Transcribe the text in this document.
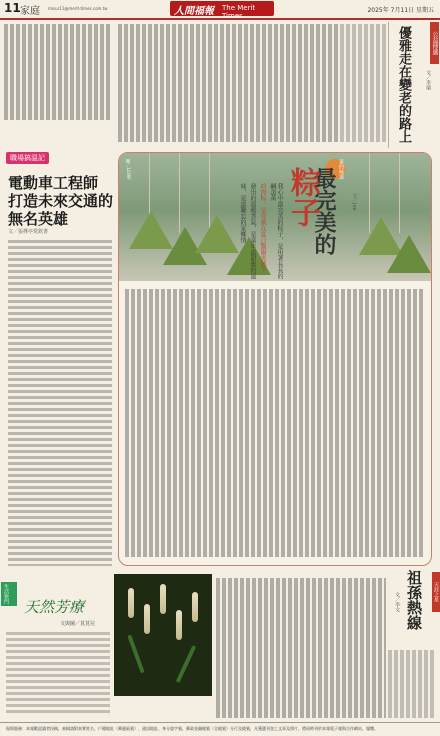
11 家庭 misur11@merit-times.com.tw	人間福報 The Merit Times
2025年 7月11日 星期五
公益傳遞
優雅走在變老的路上	文／李瑞
職場搞溫記
電動車工程師
打造未來交通的
無名英雄
文／張樺亭愛欽書
圖／123RF	家的味道
最完美的
粽子	文／Joe
我心中最完美的粽子，是用著長長的鹹蛋黃
的肉粽，是母親在夏日豔陽炎熱下
發出的溫暖香氣，是童年最甜蜜的滋
味，是最難忘的家鄉情
生活快門
天然芳療
文與圖／莧莧兒
天涯之星
祖孫熱線
文／李文
現場服務：本報歡迎讀者投稿，來稿請附真實姓名、戶籍地址（郵遞區號）、通訊地址、身分證字號、郵政金融帳號（全帳號）分行及帳號，凡獲選刊登之文章及照片，將同時刊於本報電子報與合作網站、媒體。
